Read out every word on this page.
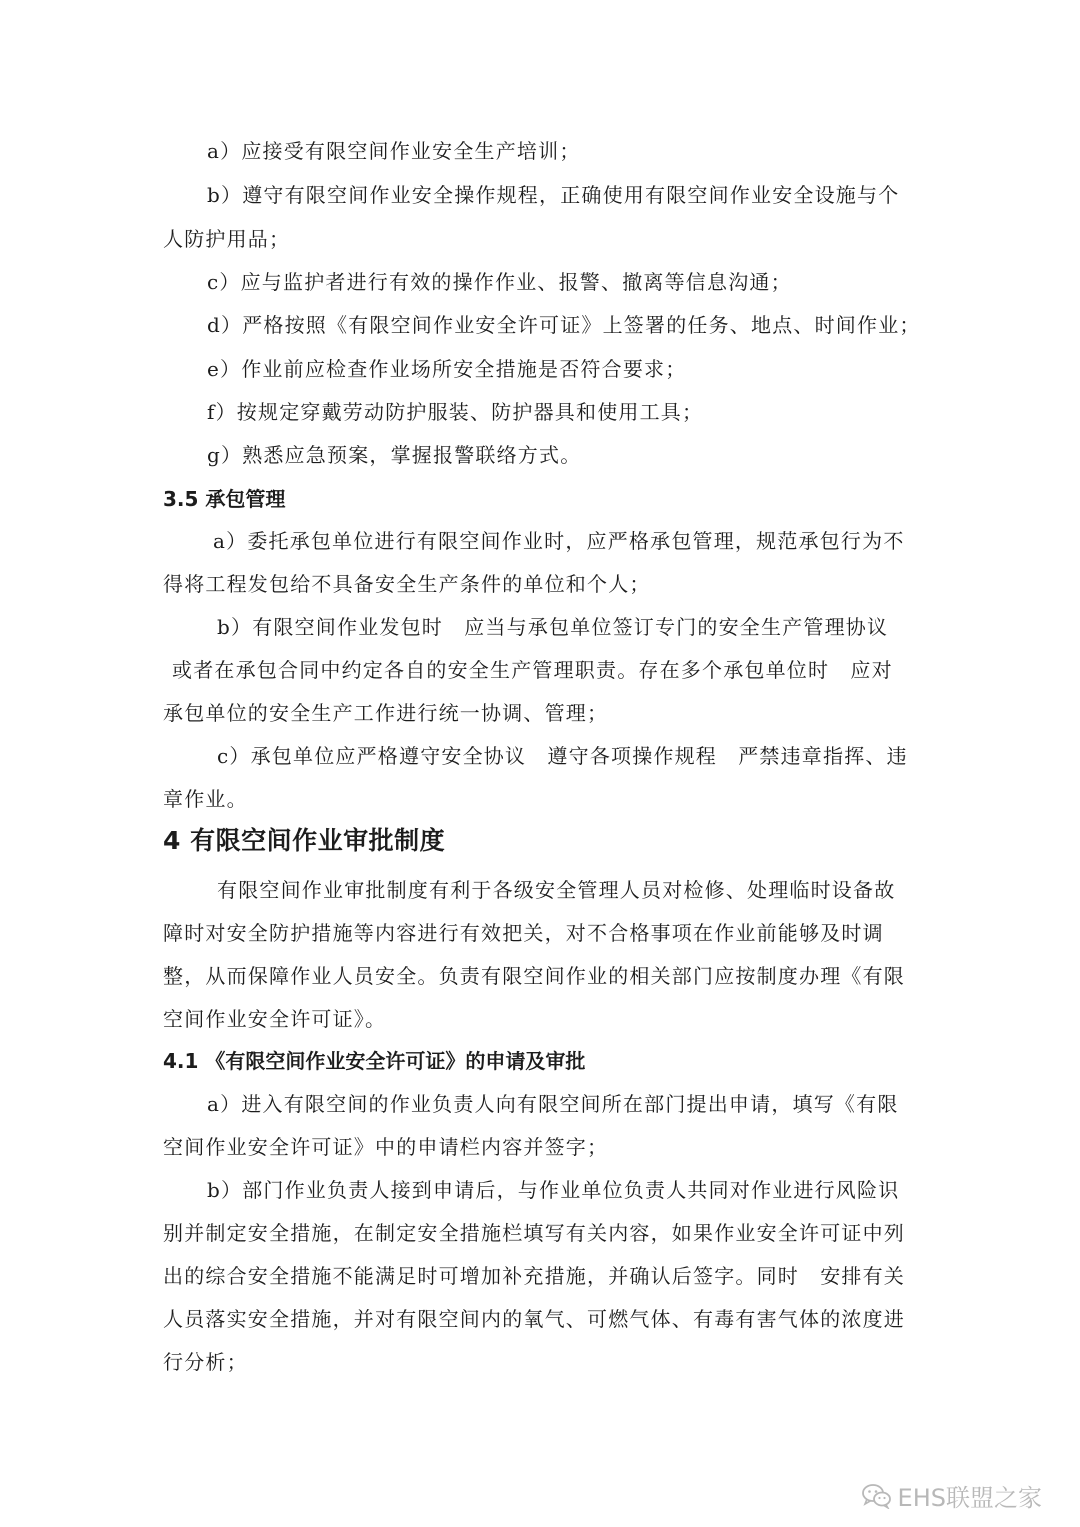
a）应接受有限空间作业安全生产培训；
b）遵守有限空间作业安全操作规程，正确使用有限空间作业安全设施与个
人防护用品；
c）应与监护者进行有效的操作作业、报警、撤离等信息沟通；
d）严格按照《有限空间作业安全许可证》上签署的任务、地点、时间作业；
e）作业前应检查作业场所安全措施是否符合要求；
f）按规定穿戴劳动防护服装、防护器具和使用工具；
g）熟悉应急预案，掌握报警联络方式。
3.5 承包管理
a）委托承包单位进行有限空间作业时，应严格承包管理，规范承包行为不
得将工程发包给不具备安全生产条件的单位和个人；
b）有限空间作业发包时　应当与承包单位签订专门的安全生产管理协议
或者在承包合同中约定各自的安全生产管理职责。存在多个承包单位时　应对
承包单位的安全生产工作进行统一协调、管理；
c）承包单位应严格遵守安全协议　遵守各项操作规程　严禁违章指挥、违
章作业。
4 有限空间作业审批制度
有限空间作业审批制度有利于各级安全管理人员对检修、处理临时设备故
障时对安全防护措施等内容进行有效把关，对不合格事项在作业前能够及时调
整，从而保障作业人员安全。负责有限空间作业的相关部门应按制度办理《有限
空间作业安全许可证》。
4.1 《有限空间作业安全许可证》的申请及审批
a）进入有限空间的作业负责人向有限空间所在部门提出申请，填写《有限
空间作业安全许可证》中的申请栏内容并签字；
b）部门作业负责人接到申请后，与作业单位负责人共同对作业进行风险识
别并制定安全措施，在制定安全措施栏填写有关内容，如果作业安全许可证中列
出的综合安全措施不能满足时可增加补充措施，并确认后签字。同时　安排有关
人员落实安全措施，并对有限空间内的氧气、可燃气体、有毒有害气体的浓度进
行分析；
EHS联盟之家
